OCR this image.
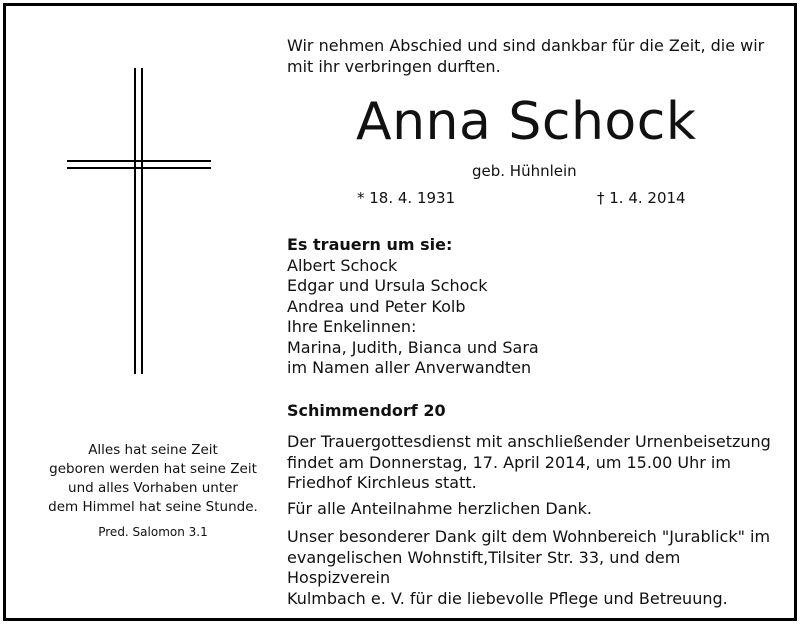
Alles hat seine Zeit
geboren werden hat seine Zeit
und alles Vorhaben unter
dem Himmel hat seine Stunde.
Pred. Salomon 3.1
Wir nehmen Abschied und sind dankbar für die Zeit, die wir
mit ihr verbringen durften.
Anna Schock
geb. Hühnlein
* 18. 4. 1931	† 1. 4. 2014
Es trauern um sie:
Albert Schock
Edgar und Ursula Schock
Andrea und Peter Kolb
Ihre Enkelinnen:
Marina, Judith, Bianca und Sara
im Namen aller Anverwandten
Schimmendorf 20
Der Trauergottesdienst mit anschließender Urnenbeisetzung
findet am Donnerstag, 17. April 2014, um 15.00 Uhr im
Friedhof Kirchleus statt.
Für alle Anteilnahme herzlichen Dank.
Unser besonderer Dank gilt dem Wohnbereich "Jurablick" im
evangelischen Wohnstift,Tilsiter Str. 33, und dem Hospizverein
Kulmbach e. V. für die liebevolle Pflege und Betreuung.
